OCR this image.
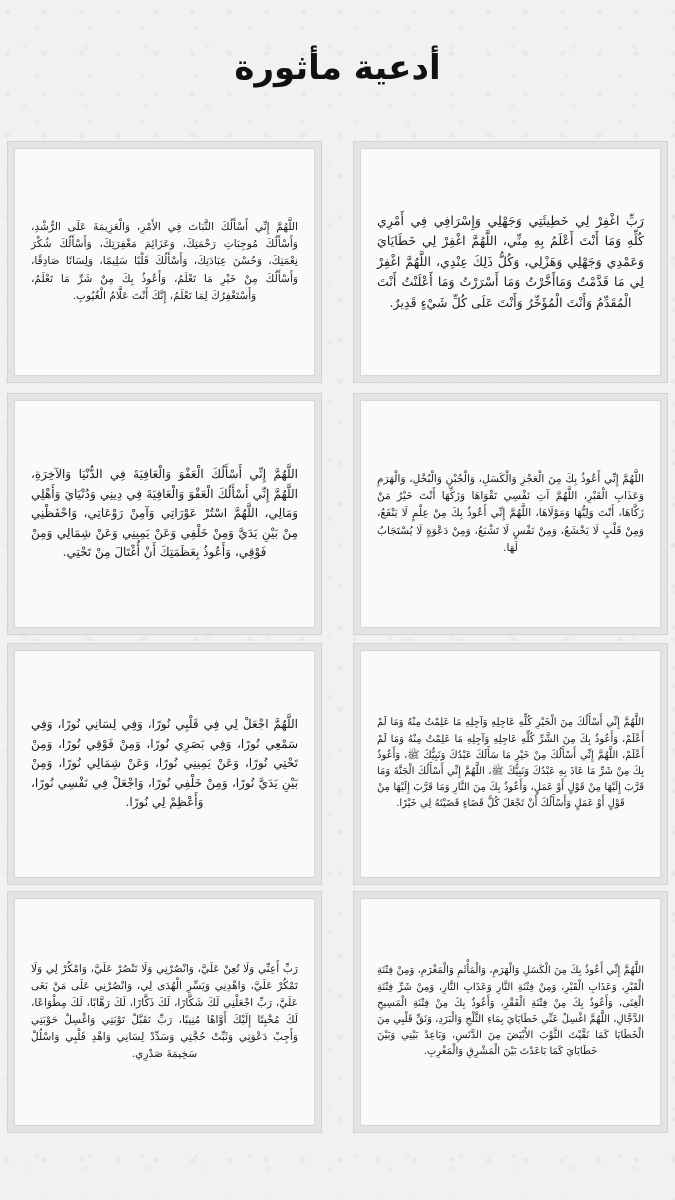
أدعية مأثورة

رَبِّ اغْفِرْ لِي خَطِيئَتِي وَجَهْلِي وَإِسْرَافِي فِي أَمْرِي كُلِّهِ وَمَا أَنْتَ أَعْلَمُ بِهِ مِنِّي، اللَّهُمَّ اغْفِرْ لِي خَطَايَايَ وَعَمْدِي وَجَهْلِي وَهَزْلِي، وَكُلُّ ذَلِكَ عِنْدِي، اللَّهُمَّ اغْفِرْ لِي مَا قَدَّمْتُ وَمَاأَخَّرْتُ وَمَا أَسْرَرْتُ وَمَا أَعْلَنْتُ أَنْتَ الْمُقَدِّمُ وَأَنْتَ الْمُؤَخِّرُ وَأَنْتَ عَلَى كُلِّ شَيْءٍ قَدِيرٌ.

اللَّهُمَّ إِنِّي أَسْأَلُكَ الثَّبَاتَ فِي الأَمْرِ، وَالْعَزِيمَةَ عَلَى الرُّشْدِ، وَأَسْأَلُكَ مُوجِبَاتِ رَحْمَتِكَ، وَعَزَائِمَ مَغْفِرَتِكَ، وَأَسْأَلُكَ شُكْرَ نِعْمَتِكَ، وَحُسْنَ عِبَادَتِكَ، وَأَسْأَلُكَ قَلْبًا سَلِيمًا، وَلِسَانًا صَادِقًا، وَأَسْأَلُكَ مِنْ خَيْرِ مَا تَعْلَمُ، وَأَعُوذُ بِكَ مِنْ شَرِّ مَا تَعْلَمُ، وَأَسْتَغْفِرُكَ لِمَا تَعْلَمُ، إِنَّكَ أَنْتَ عَلَّامُ الْغُيُوبِ.

اللَّهُمَّ إِنِّي أَعُوذُ بِكَ مِنَ الْعَجْزِ وَالْكَسَلِ، وَالْجُبْنِ وَالْبُخْلِ، وَالْهَرَمِ وَعَذَابِ الْقَبْرِ، اللَّهُمَّ آتِ نَفْسِي تَقْوَاهَا وَزَكِّهَا أَنْتَ خَيْرُ مَنْ زَكَّاهَا، أَنْتَ وَلِيُّهَا وَمَوْلَاهَا، اللَّهُمَّ إِنِّي أَعُوذُ بِكَ مِنْ عِلْمٍ لَا يَنْفَعُ، وَمِنْ قَلْبٍ لَا يَخْشَعُ، وَمِنْ نَفْسٍ لَا تَشْبَعُ، وَمِنْ دَعْوَةٍ لَا يُسْتَجَابُ لَهَا.

اللَّهُمَّ إِنِّي أَسْأَلُكَ الْعَفْوَ وَالْعَافِيَةَ فِي الدُّنْيَا وَالآخِرَةِ، اللَّهُمَّ إِنِّي أَسْأَلُكَ الْعَفْوَ وَالْعَافِيَةَ فِي دِينِي وَدُنْيَايَ وَأَهْلِي وَمَالِي، اللَّهُمَّ اسْتُرْ عَوْرَاتِي وَآمِنْ رَوْعَاتِي، وَاحْفَظْنِي مِنْ بَيْنِ يَدَيَّ وَمِنْ خَلْفِي وَعَنْ يَمِينِي وَعَنْ شِمَالِي وَمِنْ فَوْقِي، وَأَعُوذُ بِعَظَمَتِكَ أَنْ أُغْتَالَ مِنْ تَحْتِي.

اللَّهُمَّ إِنِّي أَسْأَلُكَ مِنَ الْخَيْرِ كُلِّهِ عَاجِلِهِ وَآجِلِهِ مَا عَلِمْتُ مِنْهُ وَمَا لَمْ أَعْلَمْ، وَأَعُوذُ بِكَ مِنَ الشَّرِّ كُلِّهِ عَاجِلِهِ وَآجِلِهِ مَا عَلِمْتُ مِنْهُ وَمَا لَمْ أَعْلَمْ، اللَّهُمَّ إِنِّي أَسْأَلُكَ مِنْ خَيْرِ مَا سَأَلَكَ عَبْدُكَ وَنَبِيُّكَ ﷺ، وَأَعُوذُ بِكَ مِنْ شَرِّ مَا عَاذَ بِهِ عَبْدُكَ وَنَبِيُّكَ ﷺ، اللَّهُمَّ إِنِّي أَسْأَلُكَ الْجَنَّةَ وَمَا قَرَّبَ إِلَيْهَا مِنْ قَوْلٍ أَوْ عَمَلٍ، وَأَعُوذُ بِكَ مِنَ النَّارِ وَمَا قَرَّبَ إِلَيْهَا مِنْ قَوْلٍ أَوْ عَمَلٍ وَأَسْأَلُكَ أَنْ تَجْعَلَ كُلَّ قَضَاءٍ قَضَيْتَهُ لِي خَيْرًا.

اللَّهُمَّ اجْعَلْ لِي فِي قَلْبِي نُورًا، وَفِي لِسَانِي نُورًا، وَفِي سَمْعِي نُورًا، وَفِي بَصَرِي نُورًا، وَمِنْ فَوْقِي نُورًا، وَمِنْ تَحْتِي نُورًا، وَعَنْ يَمِينِي نُورًا، وَعَنْ شِمَالِي نُورًا، وَمِنْ بَيْنِ يَدَيَّ نُورًا، وَمِنْ خَلْفِي نُورًا، وَاجْعَلْ فِي نَفْسِي نُورًا، وَأَعْظِمْ لِي نُورًا.

اللَّهُمَّ إِنِّي أَعُوذُ بِكَ مِنَ الْكَسَلِ وَالْهَرَمِ، وَالْمَأْثَمِ وَالْمَغْرَمِ، وَمِنْ فِتْنَةِ الْقَبْرِ، وَعَذَابِ الْقَبْرِ، وَمِنْ فِتْنَةِ النَّارِ وَعَذَابِ النَّارِ، وَمِنْ شَرِّ فِتْنَةِ الْغِنَى، وَأَعُوذُ بِكَ مِنْ فِتْنَةِ الْفَقْرِ، وَأَعُوذُ بِكَ مِنْ فِتْنَةِ الْمَسِيحِ الدَّجَّالِ، اللَّهُمَّ اغْسِلْ عَنِّي خَطَايَايَ بِمَاءِ الثَّلْجِ وَالْبَرَدِ، وَنَقِّ قَلْبِي مِنَ الْخَطَايَا كَمَا نَقَّيْتَ الثَّوْبَ الأَبْيَضَ مِنَ الدَّنَسِ، وَبَاعِدْ بَيْنِي وَبَيْنَ خَطَايَايَ كَمَا بَاعَدْتَ بَيْنَ الْمَشْرِقِ وَالْمَغْرِبِ.

رَبِّ أَعِنِّي وَلَا تُعِنْ عَلَيَّ، وَانْصُرْنِي وَلَا تَنْصُرْ عَلَيَّ، وَامْكُرْ لِي وَلَا تَمْكُرْ عَلَيَّ، وَاهْدِنِي وَيَسِّرِ الْهُدَى لِي، وَانْصُرْنِي عَلَى مَنْ بَغَى عَلَيَّ، رَبِّ اجْعَلْنِي لَكَ شَكَّارًا، لَكَ ذَكَّارًا، لَكَ رَهَّابًا، لَكَ مِطْوَاعًا، لَكَ مُخْبِتًا إِلَيْكَ أَوَّاهًا مُنِيبًا، رَبِّ تَقَبَّلْ تَوْبَتِي وَاغْسِلْ حَوْبَتِي وَأَجِبْ دَعْوَتِي وَثَبِّتْ حُجَّتِي وَسَدِّدْ لِسَانِي وَاهْدِ قَلْبِي وَاسْلُلْ سَخِيمَةَ صَدْرِي.
